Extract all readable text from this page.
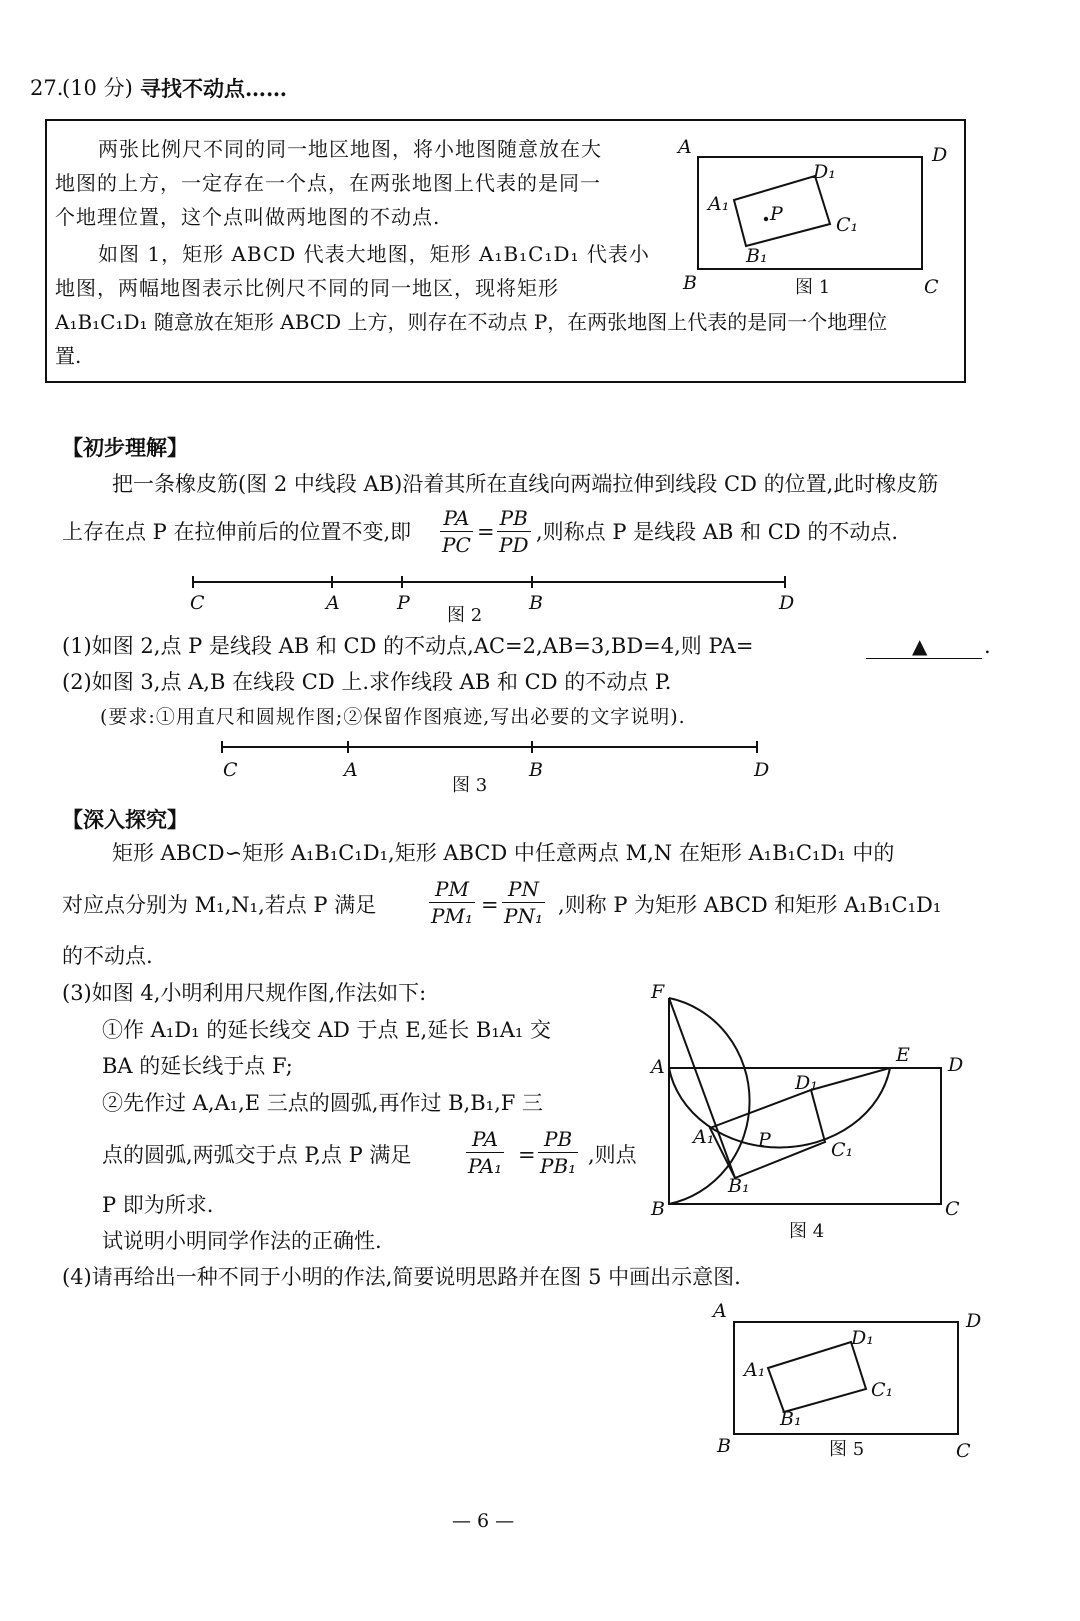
27.
(10 分) 寻找不动点……
两张比例尺不同的同一地区地图，将小地图随意放在大
地图的上方，一定存在一个点，在两张地图上代表的是同一
个地理位置，这个点叫做两地图的不动点.
如图 1，矩形 ABCD 代表大地图，矩形 A₁B₁C₁D₁ 代表小
地图，两幅地图表示比例尺不同的同一地区，现将矩形
A₁B₁C₁D₁ 随意放在矩形 ABCD 上方，则存在不动点 P，在两张地图上代表的是同一个地理位
置.
A	D
B	C
D₁
A₁
C₁
B₁
P
图 1
【初步理解】
把一条橡皮筋(图 2 中线段 AB)沿着其所在直线向两端拉伸到线段 CD 的位置,此时橡皮筋
上存在点 P 在拉伸前后的位置不变,即 $\frac{PA}{PC} = \frac{PB}{PD}$ ,则称点 P 是线段 AB 和 CD 的不动点.
C	A	P	B	D
图 2
(1)如图 2,点 P 是线段 AB 和 CD 的不动点,AC=2,AB=3,BD=4,则 PA=	▲	.
(2)如图 3,点 A,B 在线段 CD 上.求作线段 AB 和 CD 的不动点 P.
(要求:①用直尺和圆规作图;②保留作图痕迹,写出必要的文字说明).
C	A	B	D
图 3
【深入探究】
矩形 ABCD∽矩形 A₁B₁C₁D₁,矩形 ABCD 中任意两点 M,N 在矩形 A₁B₁C₁D₁ 中的
对应点分别为 M₁,N₁,若点 P 满足	$\frac{PM}{\text{PM₁}} = \frac{PN}{\text{PN₁}}$ ,则称 P 为矩形 ABCD 和矩形 A₁B₁C₁D₁
的不动点.
(3)如图 4,小明利用尺规作图,作法如下:
①作 A₁D₁ 的延长线交 AD 于点 E,延长 B₁A₁ 交
BA 的延长线于点 F;
②先作过 A,A₁,E 三点的圆弧,再作过 B,B₁,F 三
点的圆弧,两弧交于点 P,点 P 满足	$\frac{PA}{\text{PA₁}} = \frac{PB}{\text{PB₁}}$ ,则点
P 即为所求.
试说明小明同学作法的正确性.
F
A
E D
D₁
A₁ P	C₁
B₁
B	C
图 4
(4)请再给出一种不同于小明的作法,简要说明思路并在图 5 中画出示意图.
A	D
D₁
A₁
C₁
B₁
B	C
图 5
— 6 —
